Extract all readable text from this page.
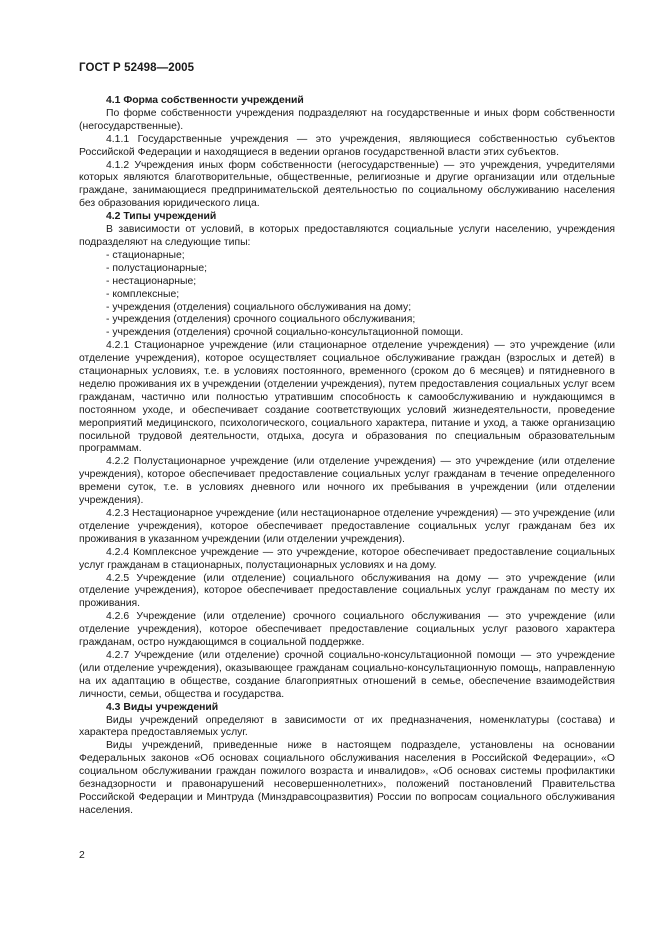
ГОСТ Р 52498—2005

4.1 Форма собственности учреждений

По форме собственности учреждения подразделяют на государственные и иных форм собственности (негосударственные).

4.1.1 Государственные учреждения — это учреждения, являющиеся собственностью субъектов Российской Федерации и находящиеся в ведении органов государственной власти этих субъектов.

4.1.2 Учреждения иных форм собственности (негосударственные) — это учреждения, учредителями которых являются благотворительные, общественные, религиозные и другие организации или отдельные граждане, занимающиеся предпринимательской деятельностью по социальному обслуживанию населения без образования юридического лица.

4.2 Типы учреждений

В зависимости от условий, в которых предоставляются социальные услуги населению, учреждения подразделяют на следующие типы:

- стационарные;

- полустационарные;

- нестационарные;

- комплексные;

- учреждения (отделения) социального обслуживания на дому;

- учреждения (отделения) срочного социального обслуживания;

- учреждения (отделения) срочной социально-консультационной помощи.

4.2.1 Стационарное учреждение (или стационарное отделение учреждения) — это учреждение (или отделение учреждения), которое осуществляет социальное обслуживание граждан (взрослых и детей) в стационарных условиях, т.е. в условиях постоянного, временного (сроком до 6 месяцев) и пятидневного в неделю проживания их в учреждении (отделении учреждения), путем предоставления социальных услуг всем гражданам, частично или полностью утратившим способность к самообслуживанию и нуждающимся в постоянном уходе, и обеспечивает создание соответствующих условий жизнедеятельности, проведение мероприятий медицинского, психологического, социального характера, питание и уход, а также организацию посильной трудовой деятельности, отдыха, досуга и образования по специальным образовательным программам.

4.2.2 Полустационарное учреждение (или отделение учреждения) — это учреждение (или отделение учреждения), которое обеспечивает предоставление социальных услуг гражданам в течение определенного времени суток, т.е. в условиях дневного или ночного их пребывания в учреждении (или отделении учреждения).

4.2.3 Нестационарное учреждение (или нестационарное отделение учреждения) — это учреждение (или отделение учреждения), которое обеспечивает предоставление социальных услуг гражданам без их проживания в указанном учреждении (или отделении учреждения).

4.2.4 Комплексное учреждение — это учреждение, которое обеспечивает предоставление социальных услуг гражданам в стационарных, полустационарных условиях и на дому.

4.2.5 Учреждение (или отделение) социального обслуживания на дому — это учреждение (или отделение учреждения), которое обеспечивает предоставление социальных услуг гражданам по месту их проживания.

4.2.6 Учреждение (или отделение) срочного социального обслуживания — это учреждение (или отделение учреждения), которое обеспечивает предоставление социальных услуг разового характера гражданам, остро нуждающимся в социальной поддержке.

4.2.7 Учреждение (или отделение) срочной социально-консультационной помощи — это учреждение (или отделение учреждения), оказывающее гражданам социально-консультационную помощь, направленную на их адаптацию в обществе, создание благоприятных отношений в семье, обеспечение взаимодействия личности, семьи, общества и государства.

4.3 Виды учреждений

Виды учреждений определяют в зависимости от их предназначения, номенклатуры (состава) и характера предоставляемых услуг.

Виды учреждений, приведенные ниже в настоящем подразделе, установлены на основании Федеральных законов «Об основах социального обслуживания населения в Российской Федерации», «О социальном обслуживании граждан пожилого возраста и инвалидов», «Об основах системы профилактики безнадзорности и правонарушений несовершеннолетних», положений постановлений Правительства Российской Федерации и Минтруда (Минздравсоцразвития) России по вопросам социального обслуживания населения.

2
